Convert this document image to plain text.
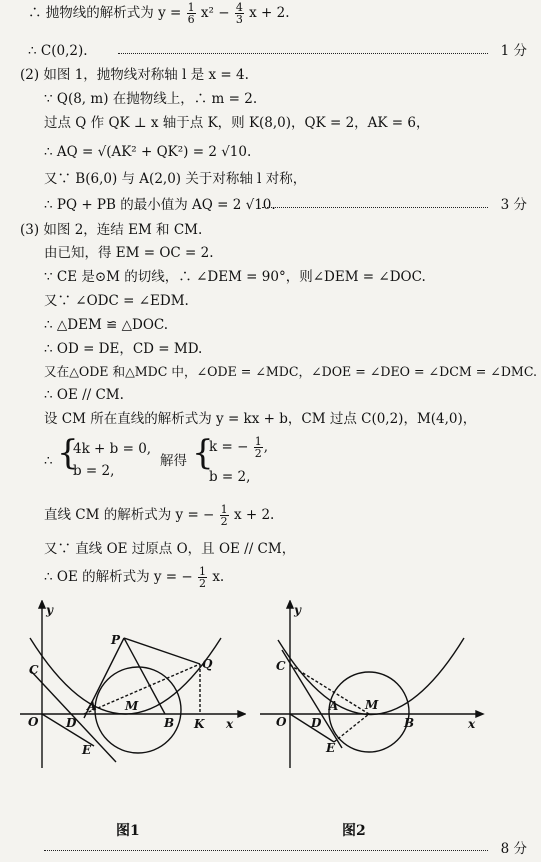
∴ 抛物线的解析式为 $y = \frac{1}{6} x^2 - \frac{4}{3}$ x + 2.
∴ C(0,2).	1 分
(2) 如图 1，抛物线对称轴 l 是 x = 4.
∵ Q(8, m) 在抛物线上，∴ m = 2.
过点 Q 作 QK ⊥ x 轴于点 K，则 K(8,0)，QK = 2，AK = 6，
∴ AQ = √(AK² + QK²) = 2 √10.
又∵ B(6,0) 与 A(2,0) 关于对称轴 l 对称，
∴ PQ + PB 的最小值为 AQ = 2 √10.	3 分
(3) 如图 2，连结 EM 和 CM.
由已知，得 EM = OC = 2.
∵ CE 是⊙M 的切线，∴ ∠DEM = 90°，则∠DEM = ∠DOC.
又∵ ∠ODC = ∠EDM.
∴ △DEM ≌ △DOC.
∴ OD = DE，CD = MD.
又在△ODE 和△MDC 中，∠ODE = ∠MDC，∠DOE = ∠DEO = ∠DCM = ∠DMC.
∴ OE // CM.
设 CM 所在直线的解析式为 y = kx + b，CM 过点 C(0,2)，M(4,0)，
∴ {
4k + b = 0,
b = 2,
解得 {
k = − $\frac{1}{2}$ ,
b = 2,
直线 CM 的解析式为 y = − $\frac{1}{2}$ x + 2.
又∵ 直线 OE 过原点 O，且 OE // CM，
∴ OE 的解析式为 y = − $\frac{1}{2} x$.
y
x
O
C
A
D
M
B K
E
P
Q
图1
y
x
O
C
A
D
M
B
E
图2
8 分
